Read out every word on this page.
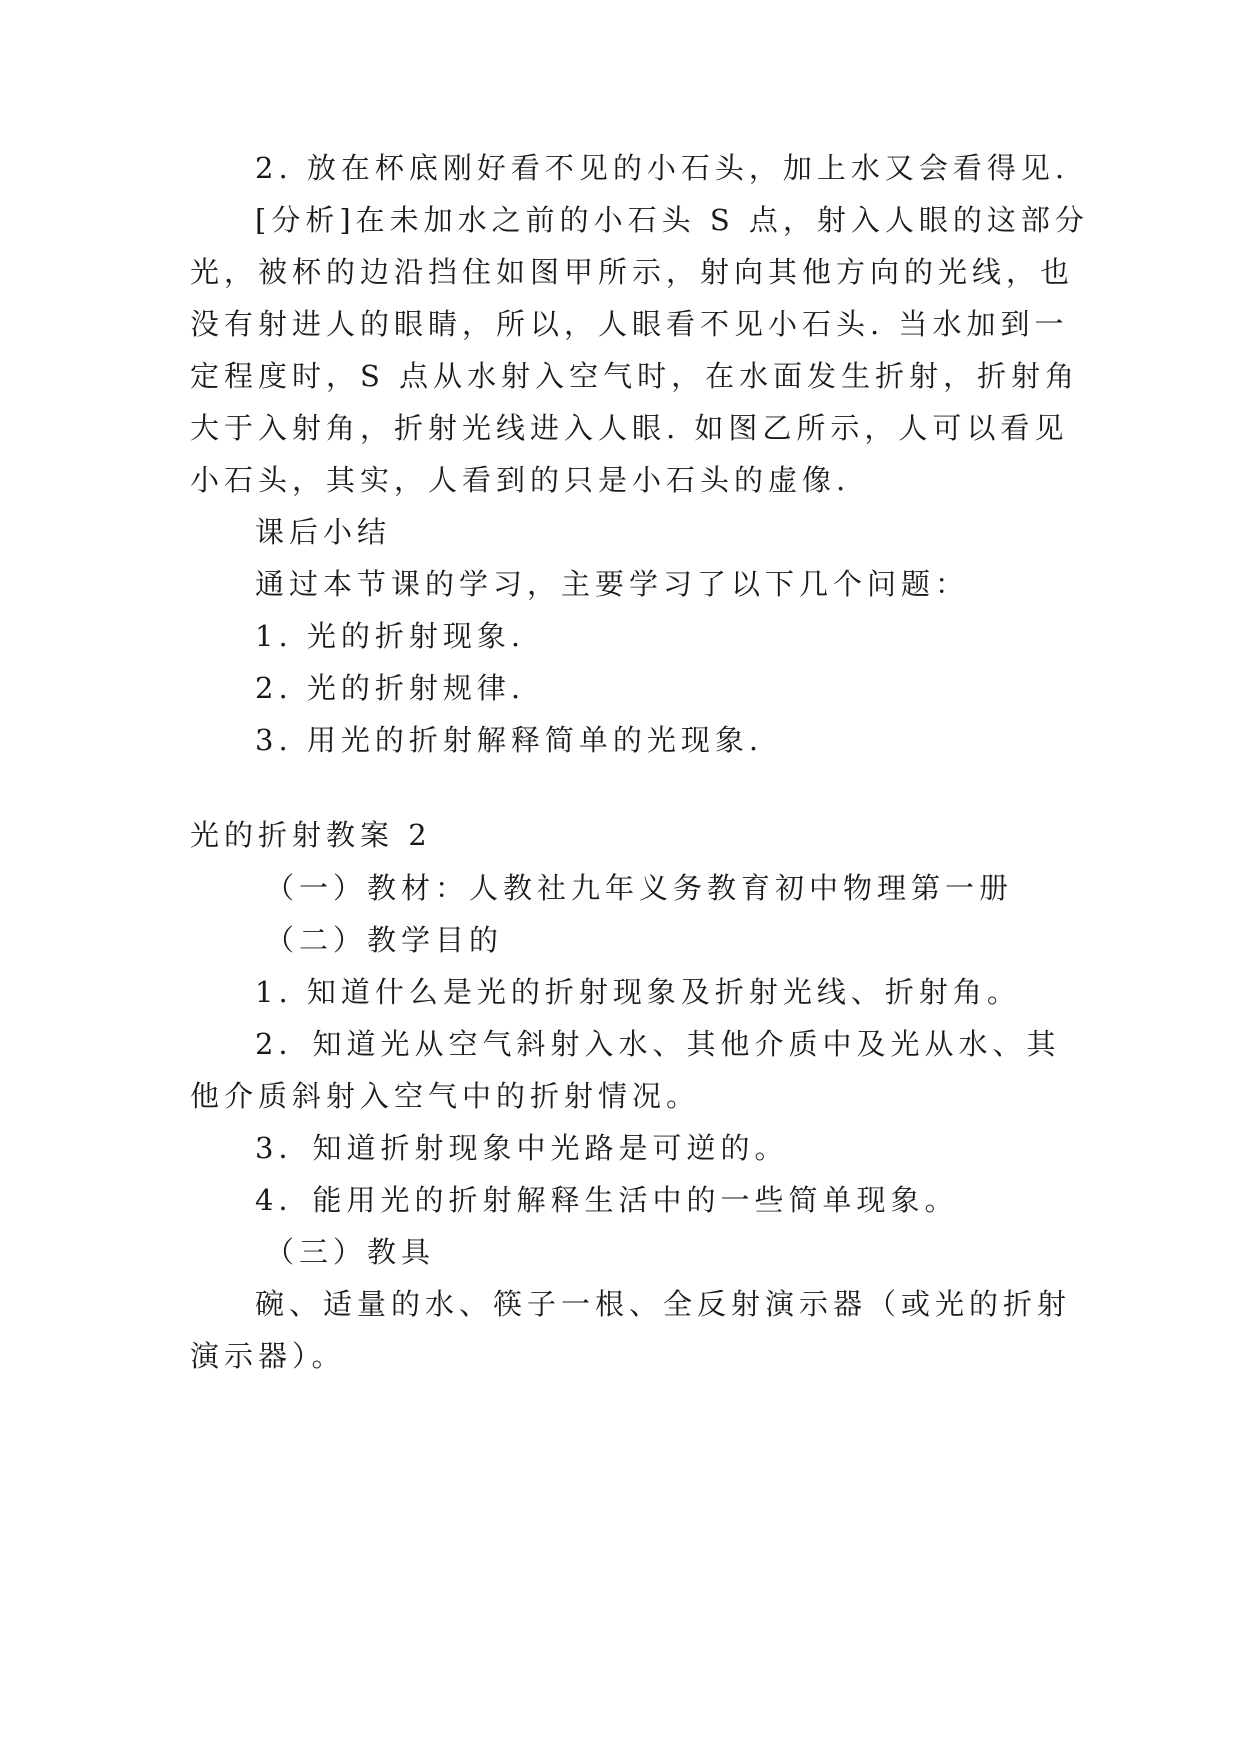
2. 放在杯底刚好看不见的小石头，加上水又会看得见.
[分析]在未加水之前的小石头 S 点，射入人眼的这部分
光，被杯的边沿挡住如图甲所示，射向其他方向的光线，也
没有射进人的眼睛，所以，人眼看不见小石头. 当水加到一
定程度时，S 点从水射入空气时，在水面发生折射，折射角
大于入射角，折射光线进入人眼. 如图乙所示，人可以看见
小石头，其实，人看到的只是小石头的虚像.
课后小结
通过本节课的学习，主要学习了以下几个问题：
1. 光的折射现象.
2. 光的折射规律.
3. 用光的折射解释简单的光现象.
光的折射教案 2
（一）教材：人教社九年义务教育初中物理第一册
（二）教学目的
1. 知道什么是光的折射现象及折射光线、折射角。
2．知道光从空气斜射入水、其他介质中及光从水、其
他介质斜射入空气中的折射情况。
3．知道折射现象中光路是可逆的。
4．能用光的折射解释生活中的一些简单现象。
（三）教具
碗、适量的水、筷子一根、全反射演示器（或光的折射
演示器）。
